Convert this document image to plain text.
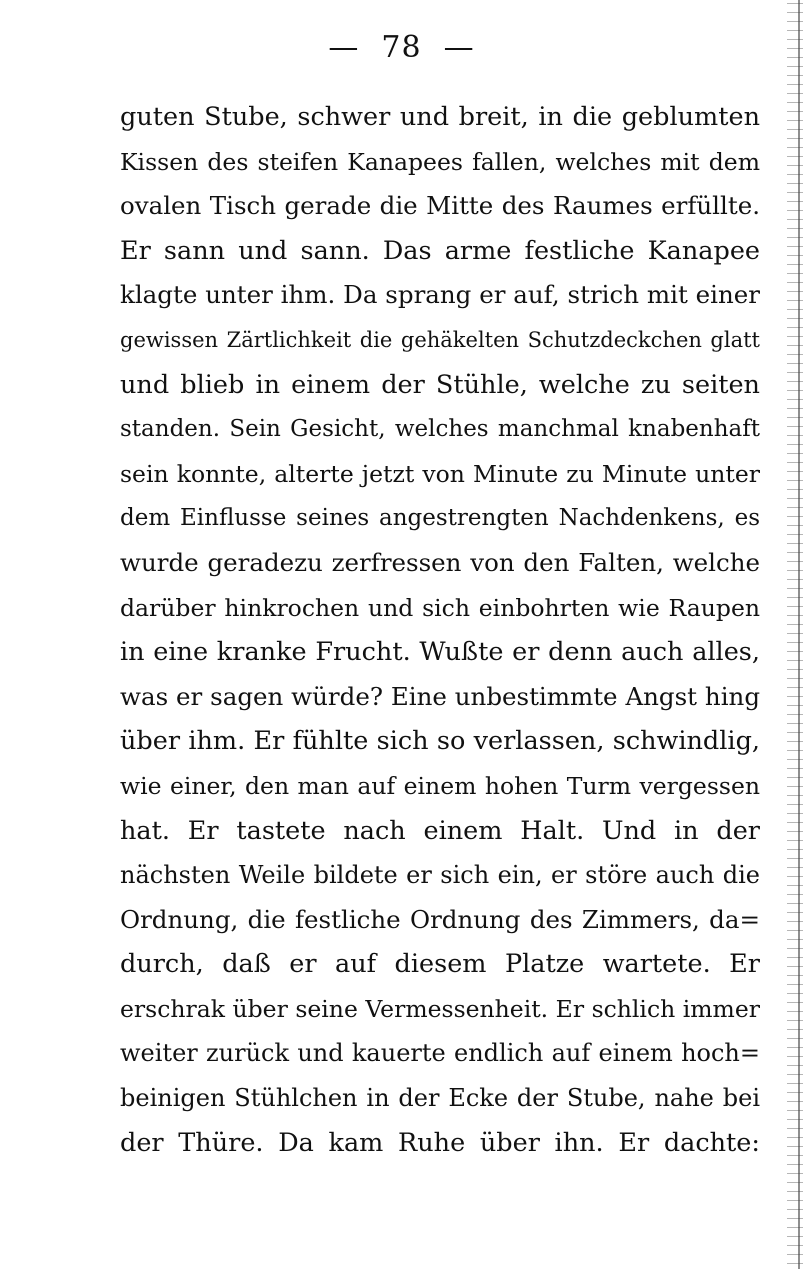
— 78 —
guten Stube, schwer und breit, in die geblumten
Kissen des steifen Kanapees fallen, welches mit dem
ovalen Tisch gerade die Mitte des Raumes erfüllte.
Er sann und sann. Das arme festliche Kanapee
klagte unter ihm. Da sprang er auf, strich mit einer
gewissen Zärtlichkeit die gehäkelten Schutzdeckchen glatt
und blieb in einem der Stühle, welche zu seiten
standen. Sein Gesicht, welches manchmal knabenhaft
sein konnte, alterte jetzt von Minute zu Minute unter
dem Einflusse seines angestrengten Nachdenkens, es
wurde geradezu zerfressen von den Falten, welche
darüber hinkrochen und sich einbohrten wie Raupen
in eine kranke Frucht. Wußte er denn auch alles,
was er sagen würde? Eine unbestimmte Angst hing
über ihm. Er fühlte sich so verlassen, schwindlig,
wie einer, den man auf einem hohen Turm vergessen
hat. Er tastete nach einem Halt. Und in der
nächsten Weile bildete er sich ein, er störe auch die
Ordnung, die festliche Ordnung des Zimmers, da=
durch, daß er auf diesem Platze wartete. Er
erschrak über seine Vermessenheit. Er schlich immer
weiter zurück und kauerte endlich auf einem hoch=
beinigen Stühlchen in der Ecke der Stube, nahe bei
der Thüre. Da kam Ruhe über ihn. Er dachte:
